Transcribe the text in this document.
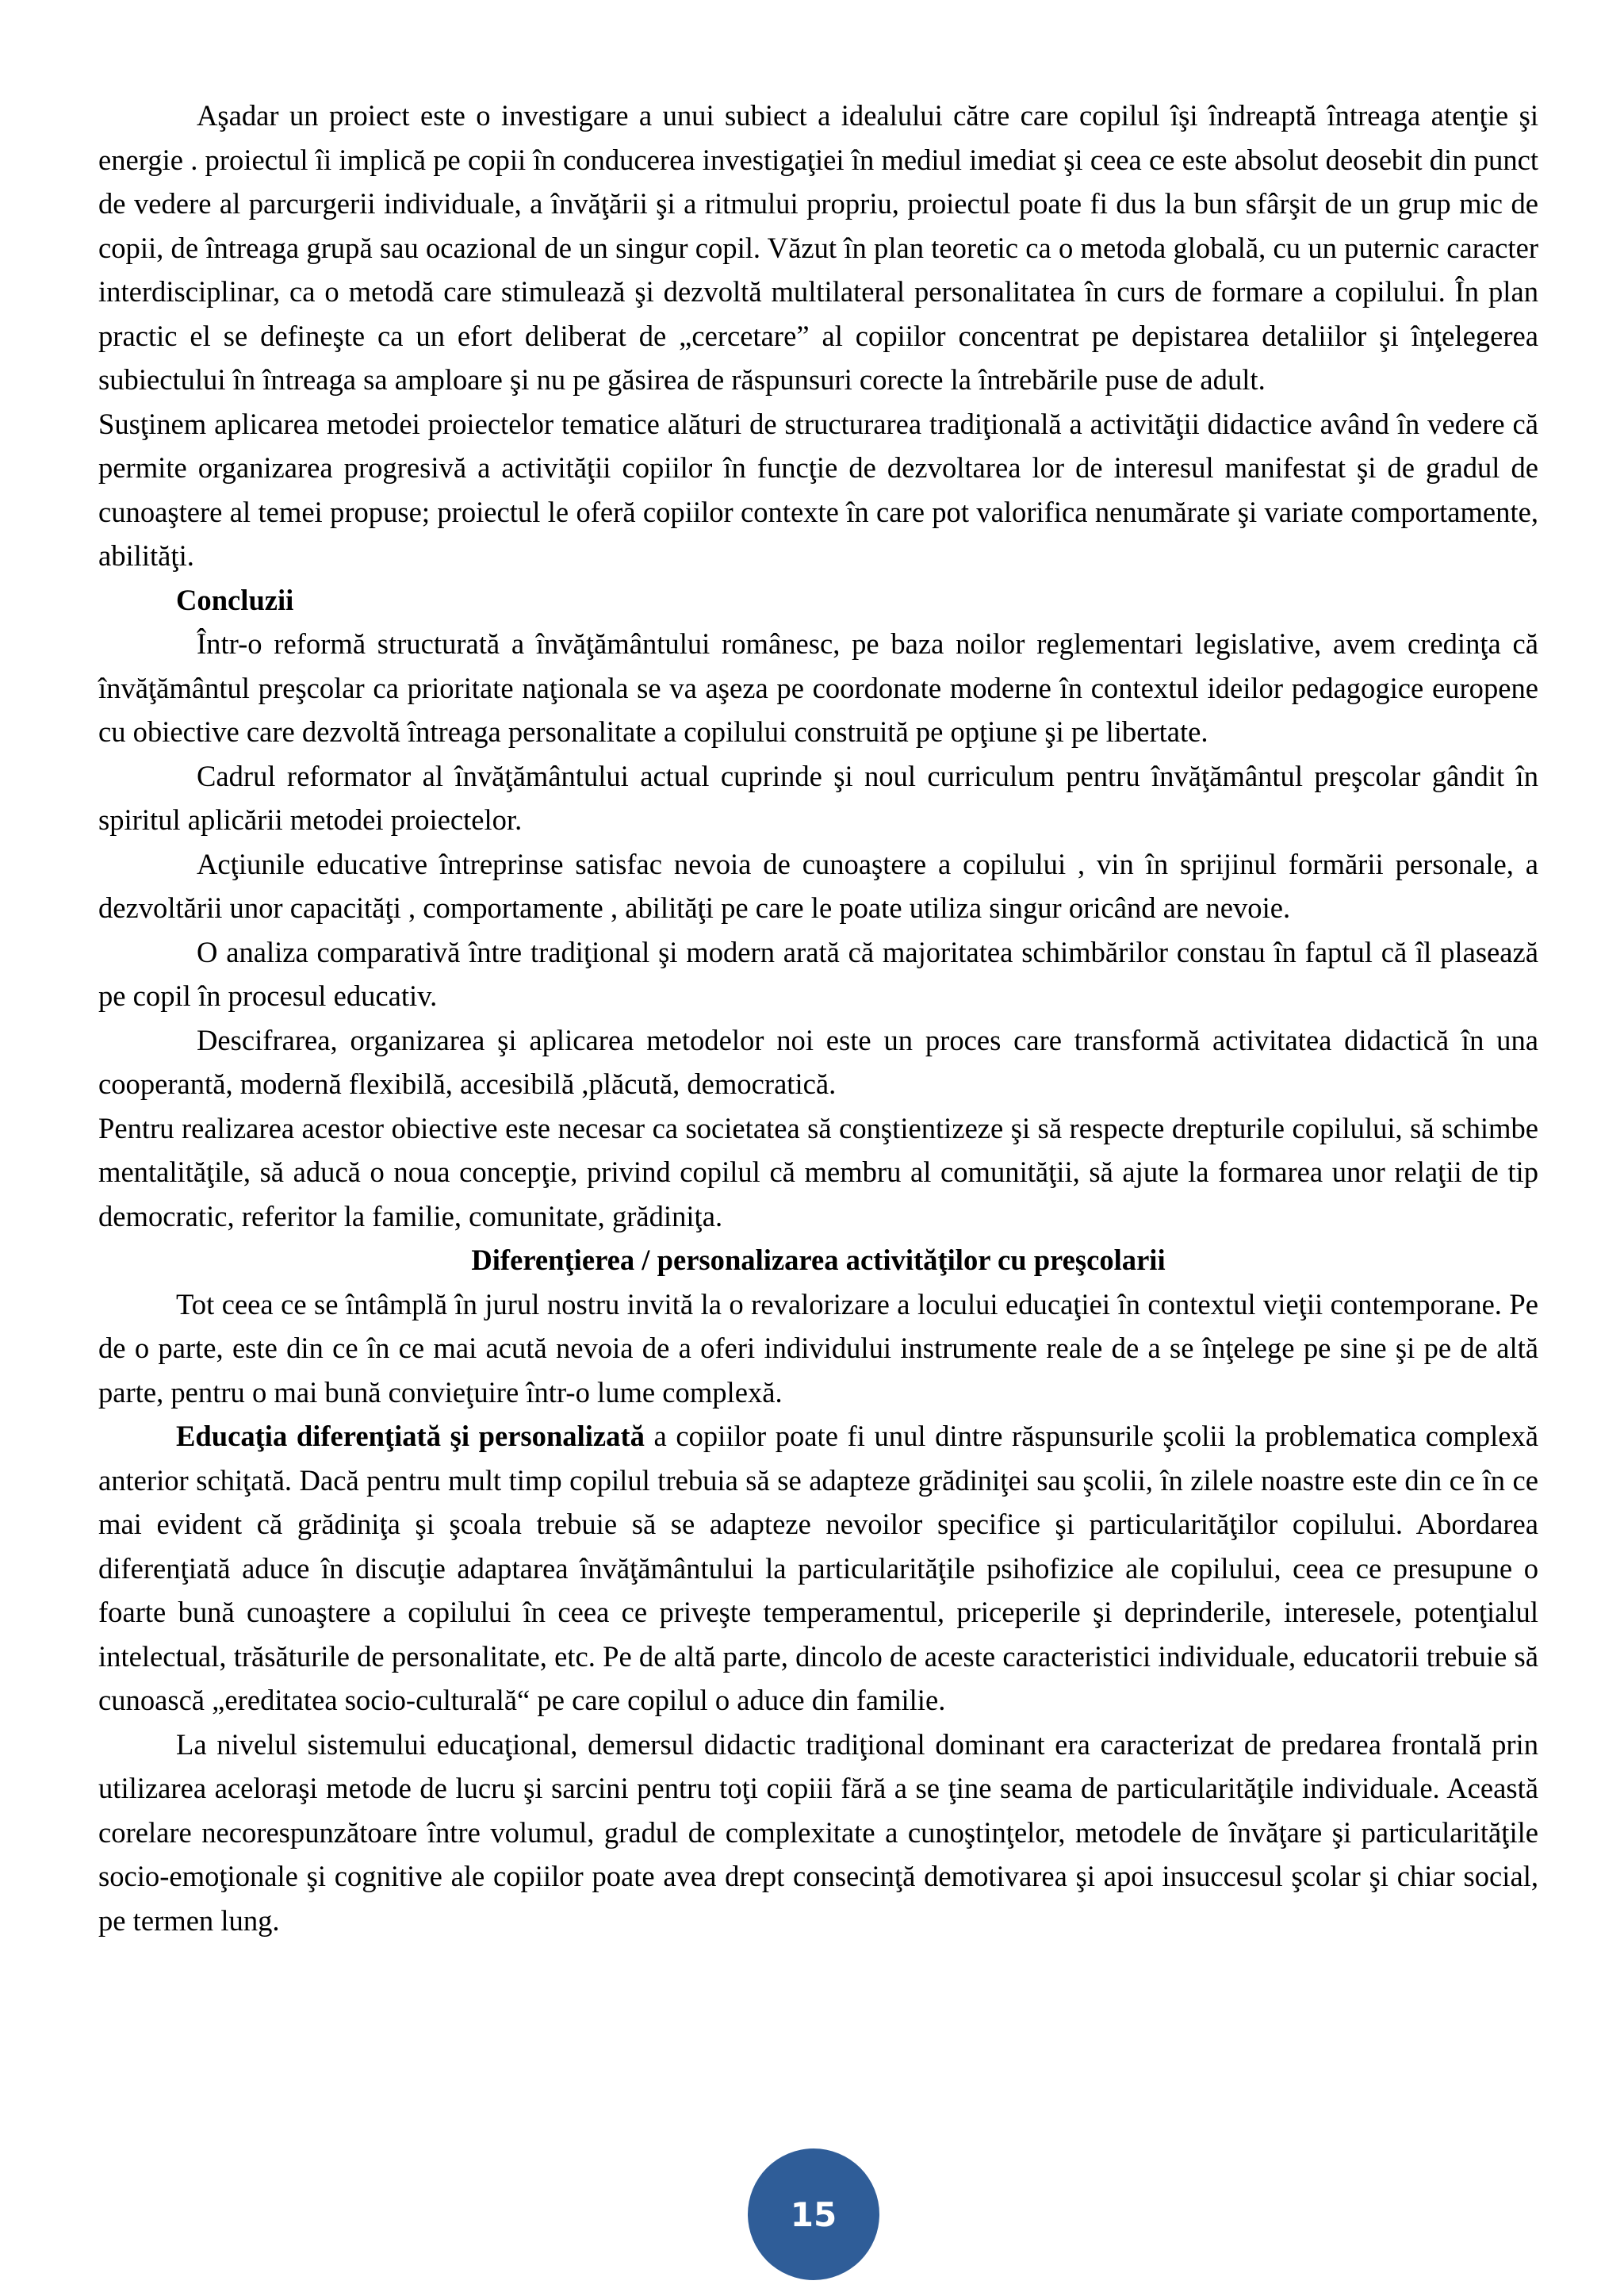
Aşadar un proiect este o investigare a unui subiect a idealului către care copilul îşi îndreaptă întreaga atenţie şi energie . proiectul îi implică pe copii în conducerea investigaţiei în mediul imediat şi ceea ce este absolut deosebit din punct de vedere al parcurgerii individuale, a învăţării şi a ritmului propriu, proiectul poate fi dus la bun sfârşit de un grup mic de copii, de întreaga grupă sau ocazional de un singur copil. Văzut în plan teoretic ca o metoda globală, cu un puternic caracter interdisciplinar, ca o metodă care stimulează şi dezvoltă multilateral personalitatea în curs de formare a copilului. În plan practic el se defineşte ca un efort deliberat de „cercetare” al copiilor concentrat pe depistarea detaliilor şi înţelegerea subiectului în întreaga sa amploare şi nu pe găsirea de răspunsuri corecte la întrebările puse de adult.

Susţinem aplicarea metodei proiectelor tematice alături de structurarea tradiţională a activităţii didactice având în vedere că permite organizarea progresivă a activităţii copiilor în funcţie de dezvoltarea lor de interesul manifestat şi de gradul de cunoaştere al temei propuse; proiectul le oferă copiilor contexte în care pot valorifica nenumărate şi variate comportamente, abilităţi.

Concluzii

Într-o reformă structurată a învăţământului românesc, pe baza noilor reglementari legislative, avem credinţa că învăţământul preşcolar ca prioritate naţionala se va aşeza pe coordonate moderne în contextul ideilor pedagogice europene cu obiective care dezvoltă întreaga personalitate a copilului construită pe opţiune şi pe libertate.

Cadrul reformator al învăţământului actual cuprinde şi noul curriculum pentru învăţământul preşcolar gândit în spiritul aplicării metodei proiectelor.

Acţiunile educative întreprinse satisfac nevoia de cunoaştere a copilului , vin în sprijinul formării personale, a dezvoltării unor capacităţi , comportamente , abilităţi pe care le poate utiliza singur oricând are nevoie.

O analiza comparativă între tradiţional şi modern arată că majoritatea schimbărilor constau în faptul că îl plasează pe copil în procesul educativ.

Descifrarea, organizarea şi aplicarea metodelor noi este un proces care transformă activitatea didactică în una cooperantă, modernă flexibilă, accesibilă ,plăcută, democratică.

Pentru realizarea acestor obiective este necesar ca societatea să conştientizeze şi să respecte drepturile copilului, să schimbe mentalităţile, să aducă o noua concepţie, privind copilul că membru al comunităţii, să ajute la formarea unor relaţii de tip democratic, referitor la familie, comunitate, grădiniţa.

Diferenţierea / personalizarea activităţilor cu preşcolarii

Tot ceea ce se întâmplă în jurul nostru invită la o revalorizare a locului educaţiei în contextul vieţii contemporane. Pe de o parte, este din ce în ce mai acută nevoia de a oferi individului instrumente reale de a se înţelege pe sine şi pe de altă parte, pentru o mai bună convieţuire într-o lume complexă.

Educaţia diferenţiată şi personalizată a copiilor poate fi unul dintre răspunsurile şcolii la problematica complexă anterior schiţată. Dacă pentru mult timp copilul trebuia să se adapteze grădiniţei sau şcolii, în zilele noastre este din ce în ce mai evident că grădiniţa şi şcoala trebuie să se adapteze nevoilor specifice şi particularităţilor copilului. Abordarea diferenţiată aduce în discuţie adaptarea învăţământului la particularităţile psihofizice ale copilului, ceea ce presupune o foarte bună cunoaştere a copilului în ceea ce priveşte temperamentul, priceperile şi deprinderile, interesele, potenţialul intelectual, trăsăturile de personalitate, etc. Pe de altă parte, dincolo de aceste caracteristici individuale, educatorii trebuie să cunoască „ereditatea socio-culturală“ pe care copilul o aduce din familie.

La nivelul sistemului educaţional, demersul didactic tradiţional dominant era caracterizat de predarea frontală prin utilizarea aceloraşi metode de lucru şi sarcini pentru toţi copiii fără a se ţine seama de particularităţile individuale. Această corelare necorespunzătoare între volumul, gradul de complexitate a cunoştinţelor, metodele de învăţare şi particularităţile socio-emoţionale şi cognitive ale copiilor poate avea drept consecinţă demotivarea şi apoi insuccesul şcolar şi chiar social, pe termen lung.

15
